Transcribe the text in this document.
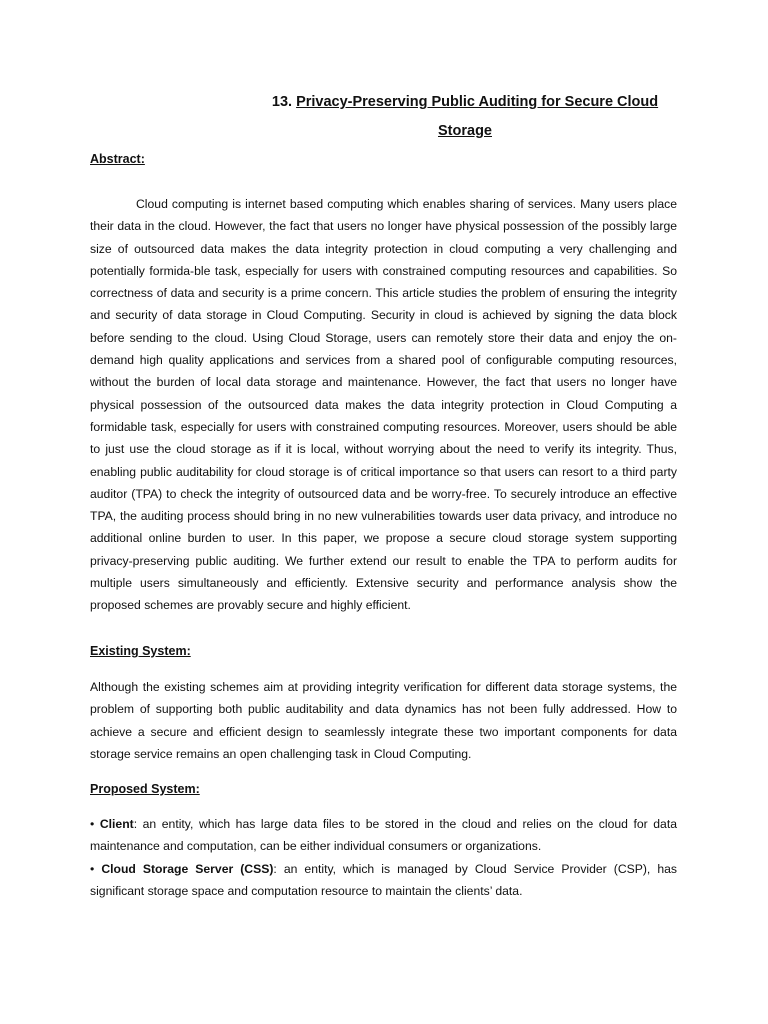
13. Privacy-Preserving Public Auditing for Secure Cloud Storage
Abstract:

Cloud computing is internet based computing which enables sharing of services. Many users place their data in the cloud. However, the fact that users no longer have physical possession of the possibly large size of outsourced data makes the data integrity protection in cloud computing a very challenging and potentially formida-ble task, especially for users with constrained computing resources and capabilities. So correctness of data and security is a prime concern. This article studies the problem of ensuring the integrity and security of data storage in Cloud Computing. Security in cloud is achieved by signing the data block before sending to the cloud. Using Cloud Storage, users can remotely store their data and enjoy the on-demand high quality applications and services from a shared pool of configurable computing resources, without the burden of local data storage and maintenance. However, the fact that users no longer have physical possession of the outsourced data makes the data integrity protection in Cloud Computing a formidable task, especially for users with constrained computing resources. Moreover, users should be able to just use the cloud storage as if it is local, without worrying about the need to verify its integrity. Thus, enabling public auditability for cloud storage is of critical importance so that users can resort to a third party auditor (TPA) to check the integrity of outsourced data and be worry-free. To securely introduce an effective TPA, the auditing process should bring in no new vulnerabilities towards user data privacy, and introduce no additional online burden to user. In this paper, we propose a secure cloud storage system supporting privacy-preserving public auditing. We further extend our result to enable the TPA to perform audits for multiple users simultaneously and efficiently. Extensive security and performance analysis show the proposed schemes are provably secure and highly efficient.

Existing System:

Although the existing schemes aim at providing integrity verification for different data storage systems, the problem of supporting both public auditability and data dynamics has not been fully addressed. How to achieve a secure and efficient design to seamlessly integrate these two important components for data storage service remains an open challenging task in Cloud Computing.

Proposed System:
• Client: an entity, which has large data files to be stored in the cloud and relies on the cloud for data maintenance and computation, can be either individual consumers or organizations.
• Cloud Storage Server (CSS): an entity, which is managed by Cloud Service Provider (CSP), has significant storage space and computation resource to maintain the clients’ data.
